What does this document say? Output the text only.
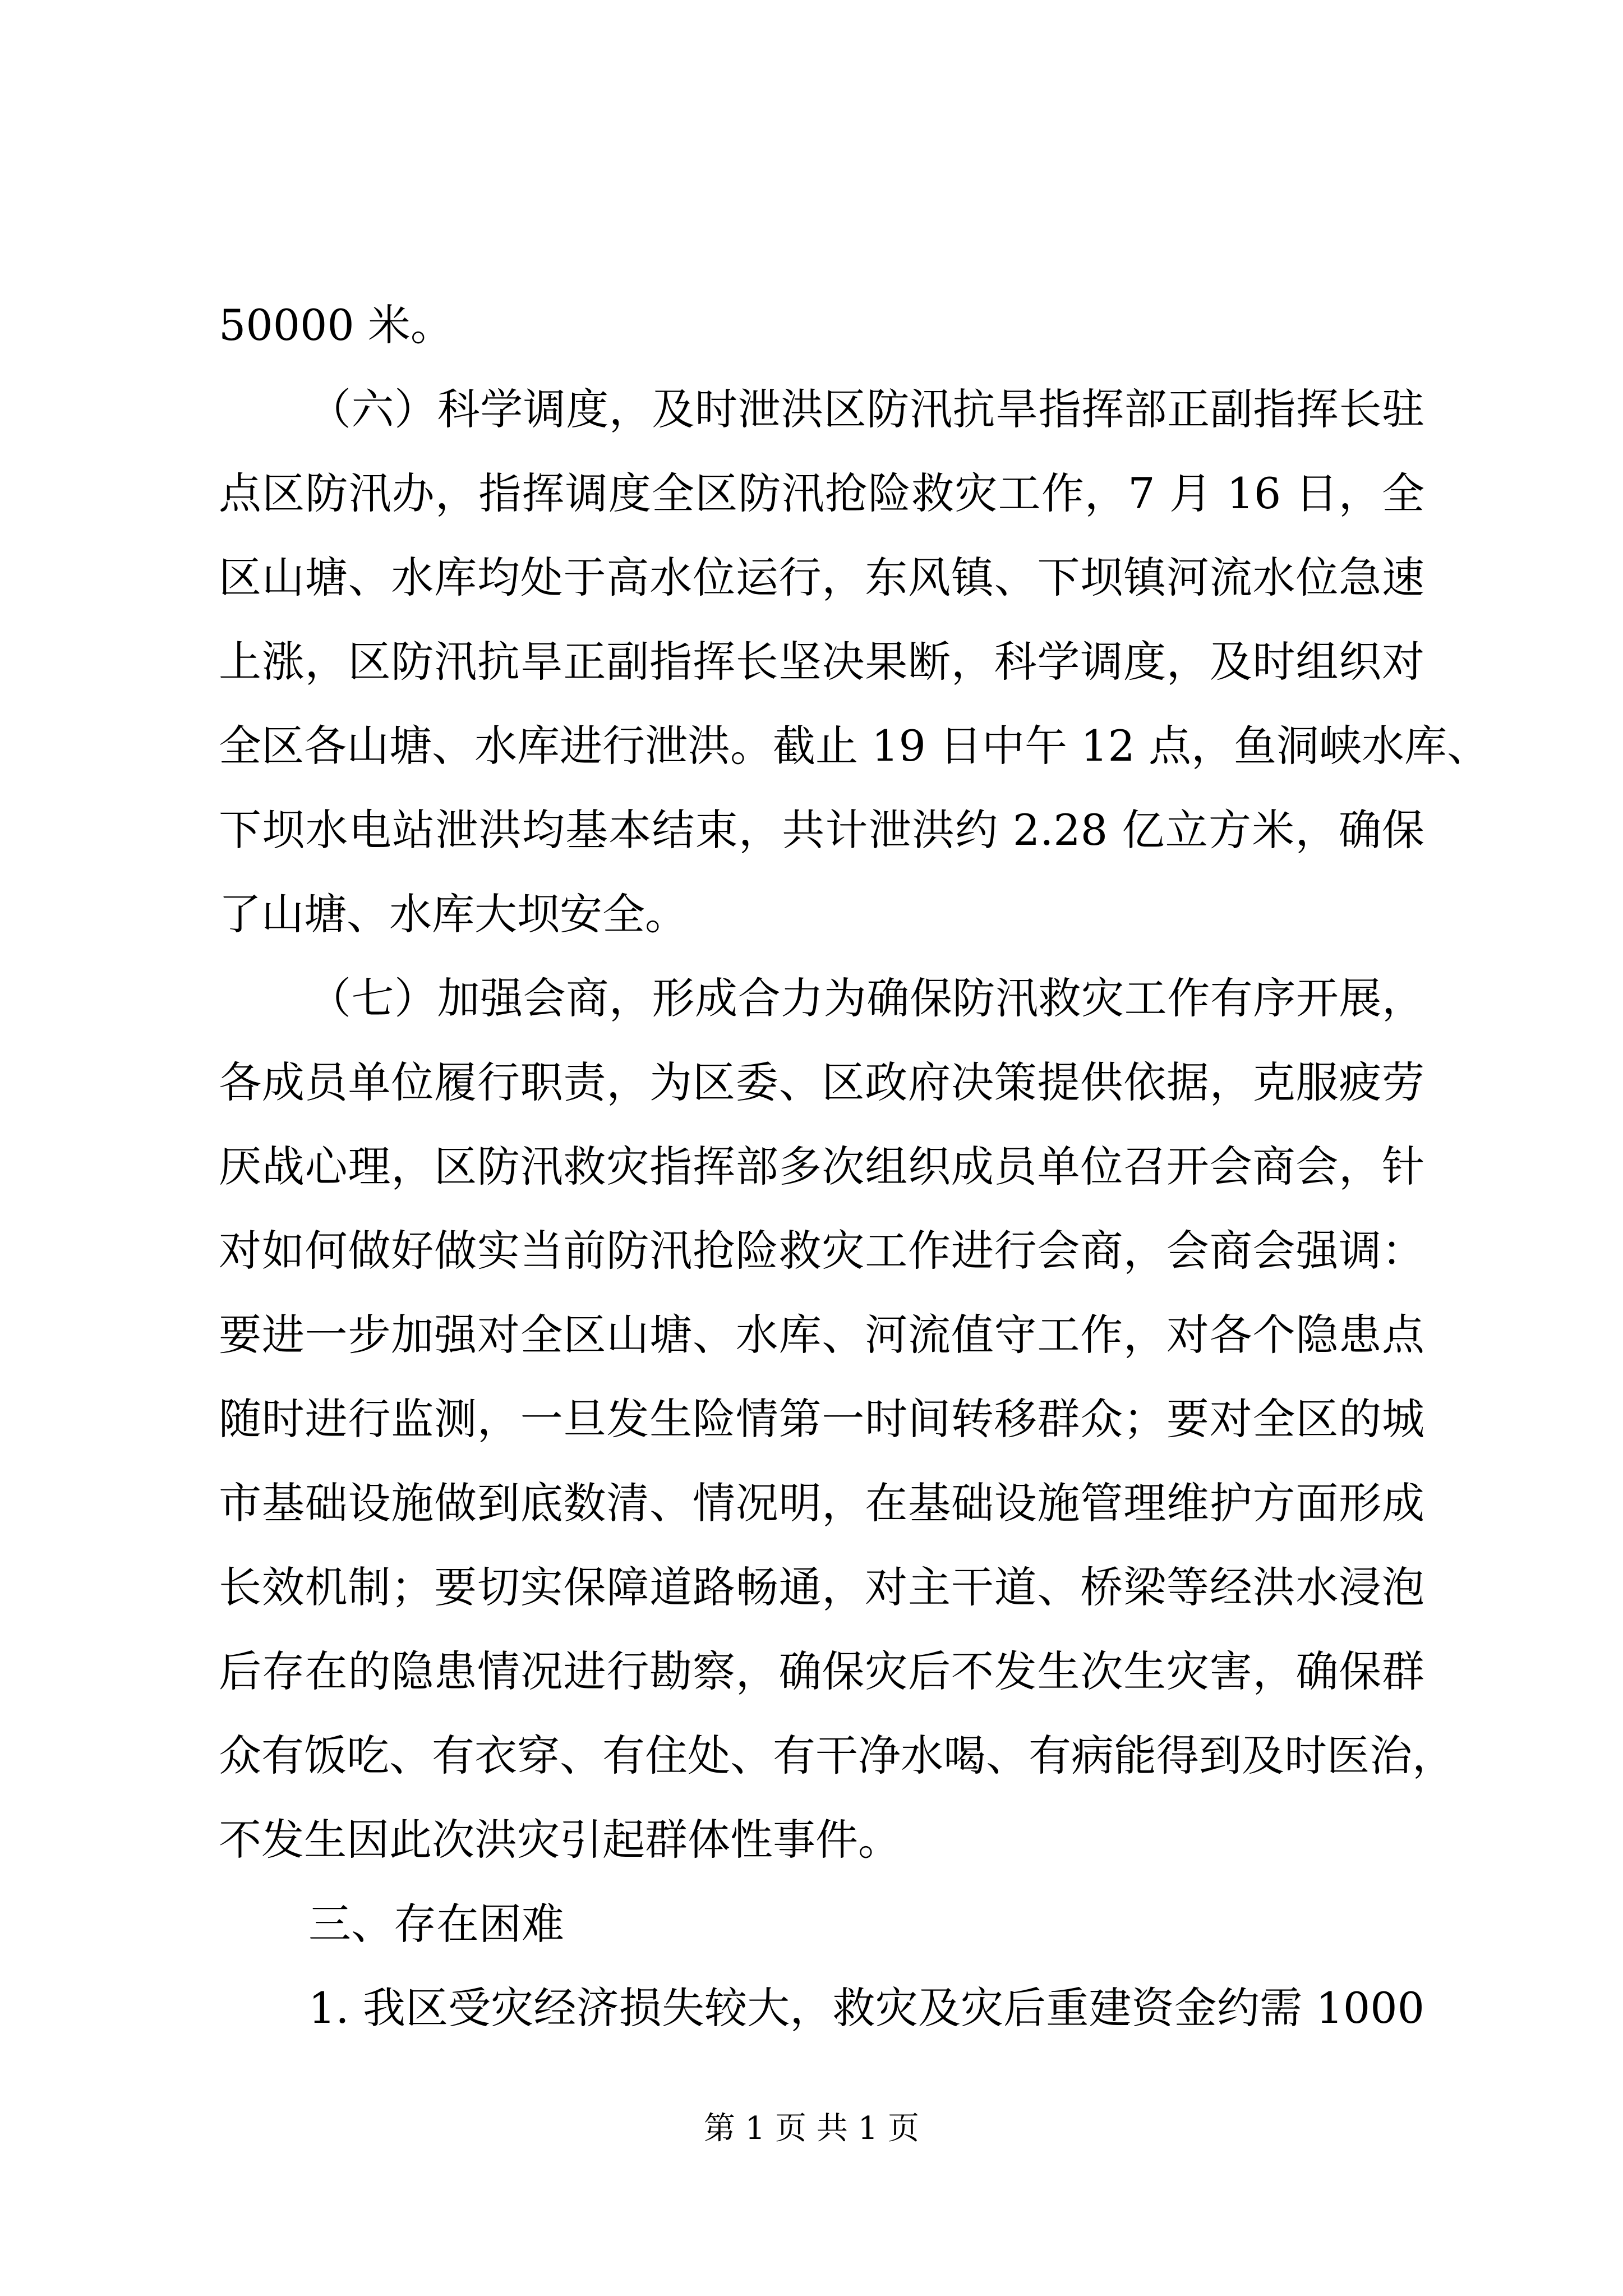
50000 米。
（六）科学调度，及时泄洪区防汛抗旱指挥部正副指挥长驻
点区防汛办，指挥调度全区防汛抢险救灾工作，7 月 16 日，全
区山塘、水库均处于高水位运行，东风镇、下坝镇河流水位急速
上涨，区防汛抗旱正副指挥长坚决果断，科学调度，及时组织对
全区各山塘、水库进行泄洪。截止 19 日中午 12 点，鱼洞峡水库、
下坝水电站泄洪均基本结束，共计泄洪约 2.28 亿立方米，确保
了山塘、水库大坝安全。
（七）加强会商，形成合力为确保防汛救灾工作有序开展，
各成员单位履行职责，为区委、区政府决策提供依据，克服疲劳
厌战心理，区防汛救灾指挥部多次组织成员单位召开会商会，针
对如何做好做实当前防汛抢险救灾工作进行会商，会商会强调：
要进一步加强对全区山塘、水库、河流值守工作，对各个隐患点
随时进行监测，一旦发生险情第一时间转移群众；要对全区的城
市基础设施做到底数清、情况明，在基础设施管理维护方面形成
长效机制；要切实保障道路畅通，对主干道、桥梁等经洪水浸泡
后存在的隐患情况进行勘察，确保灾后不发生次生灾害，确保群
众有饭吃、有衣穿、有住处、有干净水喝、有病能得到及时医治，
不发生因此次洪灾引起群体性事件。
三、存在困难
1. 我区受灾经济损失较大，救灾及灾后重建资金约需 1000
第 1 页 共 1 页
